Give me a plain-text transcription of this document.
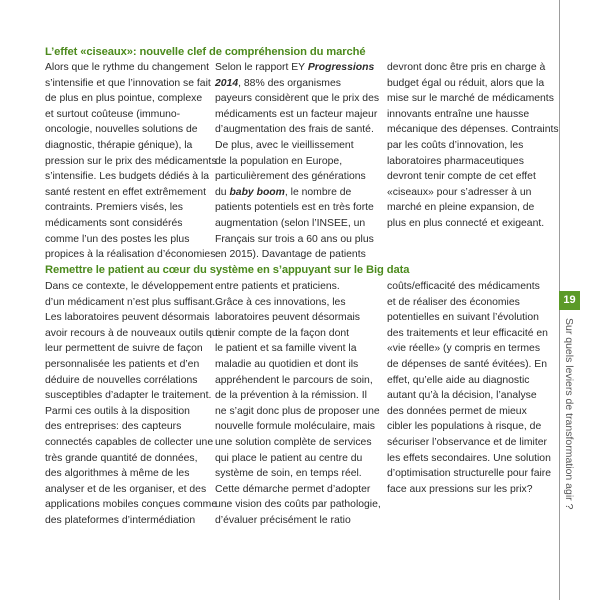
L’effet «ciseaux»: nouvelle clef de compréhension du marché
Alors que le rythme du changement
s’intensifie et que l’innovation se fait
de plus en plus pointue, complexe
et surtout coûteuse (immuno-
oncologie, nouvelles solutions de
diagnostic, thérapie génique), la
pression sur le prix des médicaments
s’intensifie. Les budgets dédiés à la
santé restent en effet extrêmement
contraints. Premiers visés, les
médicaments sont considérés
comme l’un des postes les plus
propices à la réalisation d’économies.
Selon le rapport EY Progressions
2014, 88% des organismes
payeurs considèrent que le prix des
médicaments est un facteur majeur
d’augmentation des frais de santé.
De plus, avec le vieillissement
de la population en Europe,
particulièrement des générations
du baby boom, le nombre de
patients potentiels est en très forte
augmentation (selon l’INSEE, un
Français sur trois a 60 ans ou plus
en 2015). Davantage de patients
devront donc être pris en charge à
budget égal ou réduit, alors que la
mise sur le marché de médicaments
innovants entraîne une hausse
mécanique des dépenses. Contraints
par les coûts d’innovation, les
laboratoires pharmaceutiques
devront tenir compte de cet effet
«ciseaux» pour s’adresser à un
marché en pleine expansion, de
plus en plus connecté et exigeant.
Remettre le patient au cœur du système en s’appuyant sur le Big data
Dans ce contexte, le développement
d’un médicament n’est plus suffisant.
Les laboratoires peuvent désormais
avoir recours à de nouveaux outils qui
leur permettent de suivre de façon
personnalisée les patients et d’en
déduire de nouvelles corrélations
susceptibles d’adapter le traitement.
Parmi ces outils à la disposition
des entreprises: des capteurs
connectés capables de collecter une
très grande quantité de données,
des algorithmes à même de les
analyser et de les organiser, et des
applications mobiles conçues comme
des plateformes d’intermédiation
entre patients et praticiens.
Grâce à ces innovations, les
laboratoires peuvent désormais
tenir compte de la façon dont
le patient et sa famille vivent la
maladie au quotidien et dont ils
appréhendent le parcours de soin,
de la prévention à la rémission. Il
ne s’agit donc plus de proposer une
nouvelle formule moléculaire, mais
une solution complète de services
qui place le patient au centre du
système de soin, en temps réel.
Cette démarche permet d’adopter
une vision des coûts par pathologie,
d’évaluer précisément le ratio
coûts/efficacité des médicaments
et de réaliser des économies
potentielles en suivant l’évolution
des traitements et leur efficacité en
«vie réelle» (y compris en termes
de dépenses de santé évitées). En
effet, qu’elle aide au diagnostic
autant qu’à la décision, l’analyse
des données permet de mieux
cibler les populations à risque, de
sécuriser l’observance et de limiter
les effets secondaires. Une solution
d’optimisation structurelle pour faire
face aux pressions sur les prix?
19
Sur quels leviers de transformation agir ?
